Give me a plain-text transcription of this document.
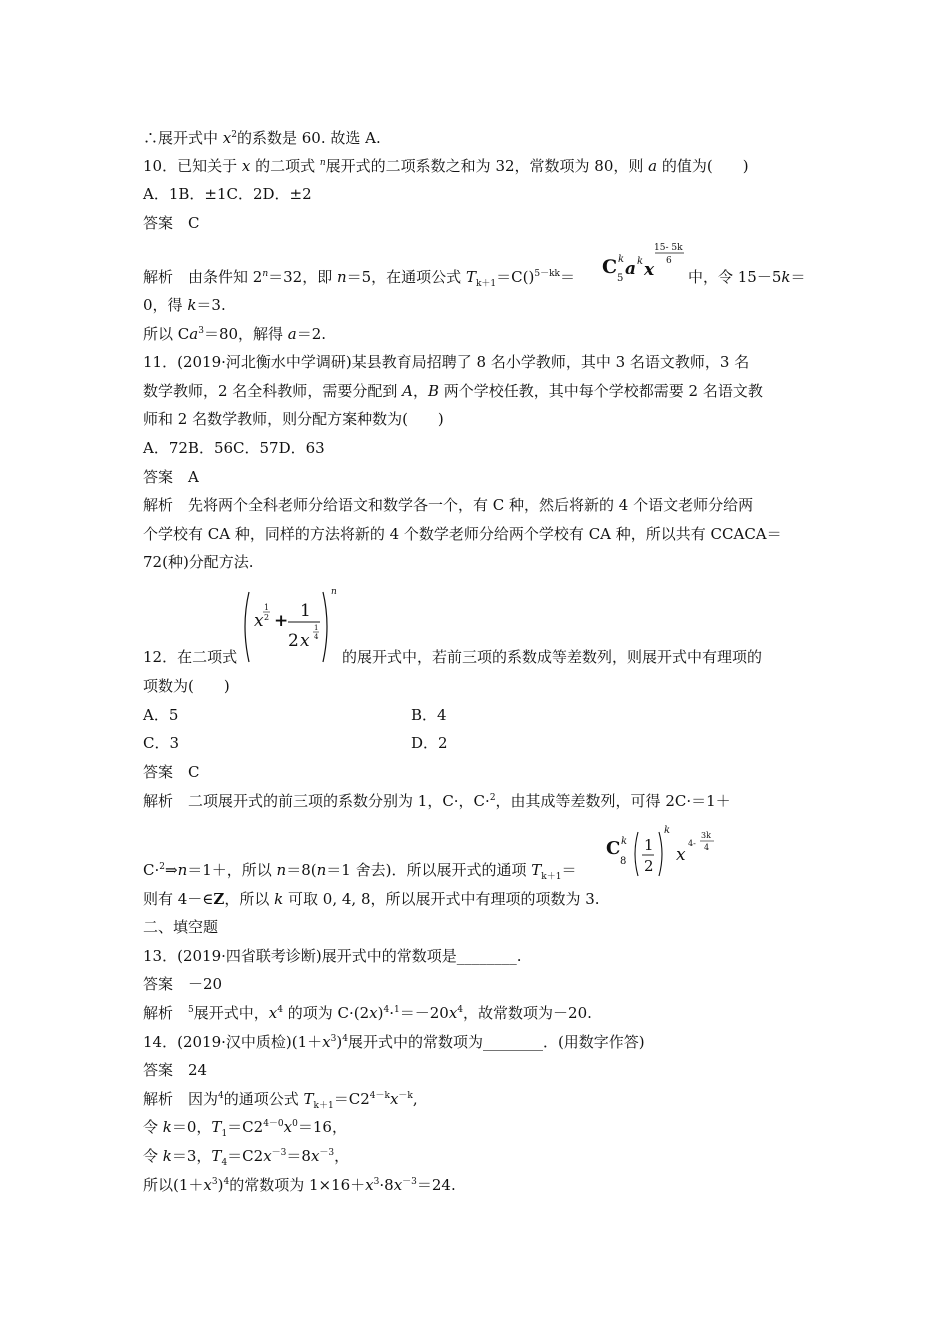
∴展开式中 $x^2$的系数是 60. 故选 A.
10．已知关于 x 的二项式 $^n$展开式的二项系数之和为 32，常数项为 80，则 a 的值为(　　)
A．1B．±1C．2D．±2
答案　C
解析　由条件知 $2^n=32$，即 n＝5，在通项公式 $T_{k+1}=C()^{5-kk}=$	中，令 15－5k＝
C
5
k a k x
15- 5k
6
0，得 k＝3.
所以 $Ca^3=80$，解得 a＝2.
11．(2019·河北衡水中学调研)某县教育局招聘了 8 名小学教师，其中 3 名语文教师，3 名
数学教师，2 名全科教师，需要分配到 A，B 两个学校任教，其中每个学校都需要 2 名语文教
师和 2 名数学教师，则分配方案种数为(　　)
A．72B．56C．57D．63
答案　A
解析　先将两个全科老师分给语文和数学各一个，有 C 种，然后将新的 4 个语文老师分给两
个学校有 CA 种，同样的方法将新的 4 个数学老师分给两个学校有 CA 种，所以共有 CCACA＝
72(种)分配方法.
12．在二项式
x
1
2 + 1
2 x
1
4
n
的展开式中，若前三项的系数成等差数列，则展开式中有理项的
项数为(　　)
A．5	B．4
C．3	D．2
答案　C
解析　二项展开式的前三项的系数分别为 1，C·，C·$^2$，由其成等差数列，可得 2C·＝1＋
C·$^2$⇒n＝1＋，所以 n＝8(n＝1 舍去)．所以展开式的通项 $T_{k+1}=$
C
8
k 1
2
k
x
4-
3k
4
则有 4－∈Z，所以 k 可取 0, 4, 8，所以展开式中有理项的项数为 3.
二、填空题
13．(2019·四省联考诊断)展开式中的常数项是________.
答案　－20
解析　$^5$展开式中，$x^4$ 的项为 $C\cdot(2x)^4\cdot^1=-20x^4$，故常数项为－20.
14．(2019·汉中质检)$(1+x^3)^4$展开式中的常数项为________．(用数字作答)
答案　24
解析　因为$^4$的通项公式 $T_{k+1}=C2^{4-k}x^{-k}$,
令 k＝0，$T_1=C2^{4-0}x^0=16$，
令 k＝3，$T_4=C2x^{-3}=8x^{-3}$，
所以$(1+x^3)^4$的常数项为 $1\times 16+x^3\cdot 8x^{-3}=24$.
